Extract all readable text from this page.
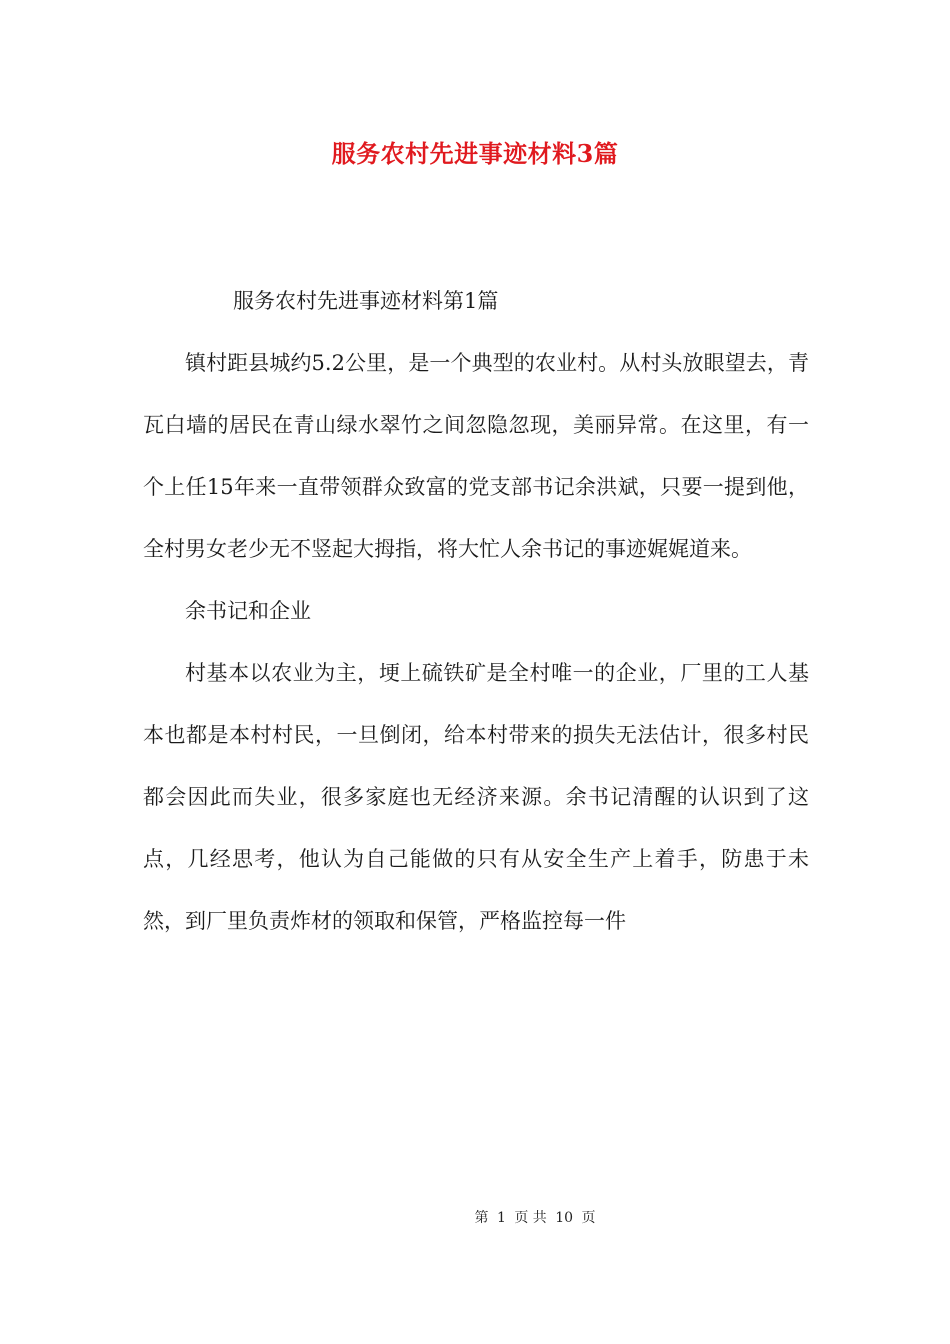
服务农村先进事迹材料3篇

服务农村先进事迹材料第1篇

镇村距县城约5.2公里，是一个典型的农业村。从村头放眼望去，青瓦白墙的居民在青山绿水翠竹之间忽隐忽现，美丽异常。在这里，有一个上任15年来一直带领群众致富的党支部书记余洪斌，只要一提到他，全村男女老少无不竖起大拇指，将大忙人余书记的事迹娓娓道来。

余书记和企业

村基本以农业为主，埂上硫铁矿是全村唯一的企业，厂里的工人基本也都是本村村民，一旦倒闭，给本村带来的损失无法估计，很多村民都会因此而失业，很多家庭也无经济来源。余书记清醒的认识到了这点，几经思考，他认为自己能做的只有从安全生产上着手，防患于未然，到厂里负责炸材的领取和保管，严格监控每一件

第 1 页 共 10 页
